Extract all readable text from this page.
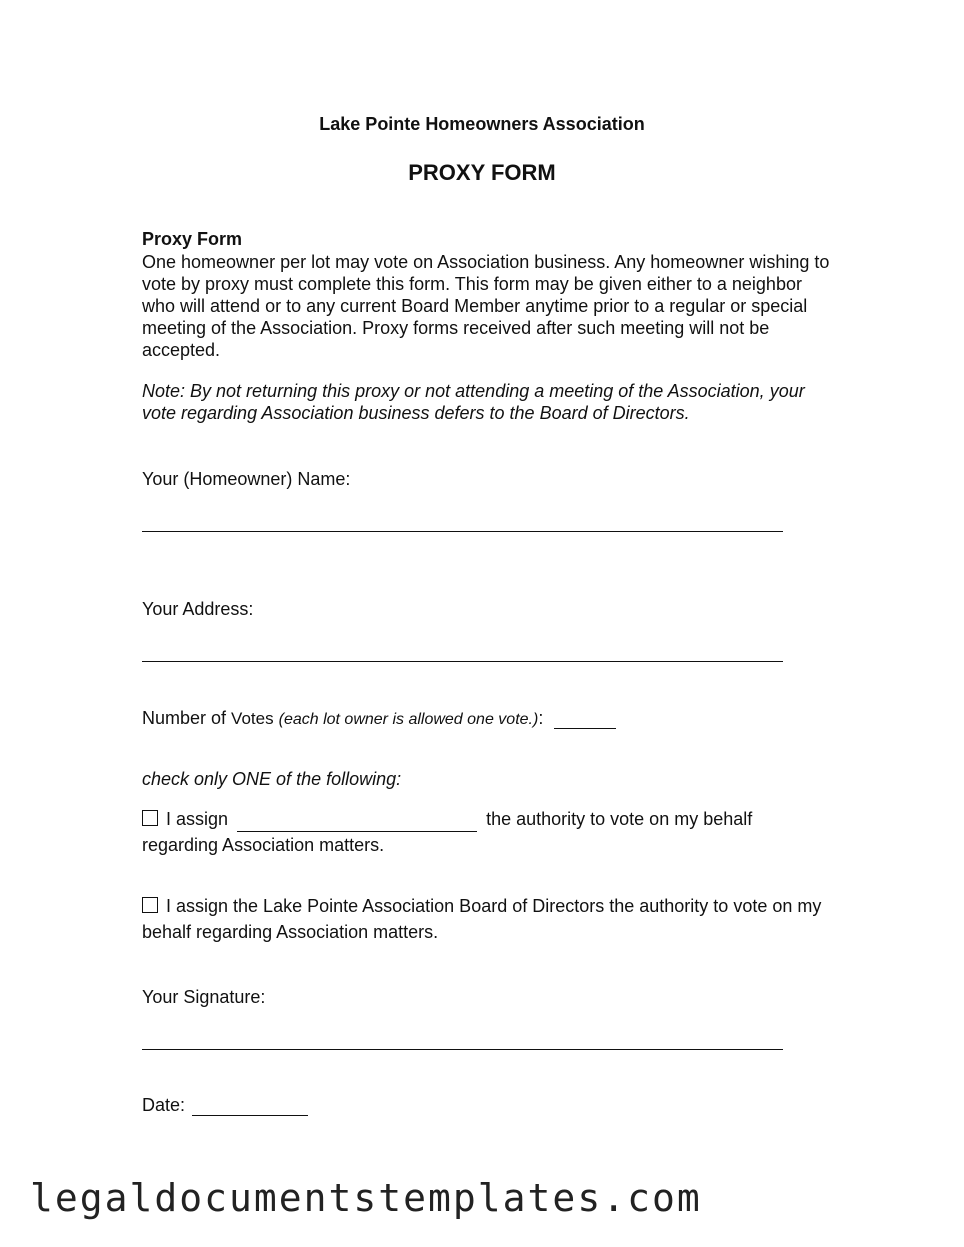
Lake Pointe Homeowners Association
PROXY FORM
Proxy Form
One homeowner per lot may vote on Association business. Any homeowner wishing to vote by proxy must complete this form. This form may be given either to a neighbor who will attend or to any current Board Member anytime prior to a regular or special meeting of the Association. Proxy forms received after such meeting will not be accepted.
Note: By not returning this proxy or not attending a meeting of the Association, your vote regarding Association business defers to the Board of Directors.
Your (Homeowner) Name:
Your Address:
Number of Votes (each lot owner is allowed one vote.):
check only ONE of the following:
I assign	the authority to vote on my behalf regarding Association matters.
I assign the Lake Pointe Association Board of Directors the authority to vote on my behalf regarding Association matters.
Your Signature:
Date:
legaldocumentstemplates.com
